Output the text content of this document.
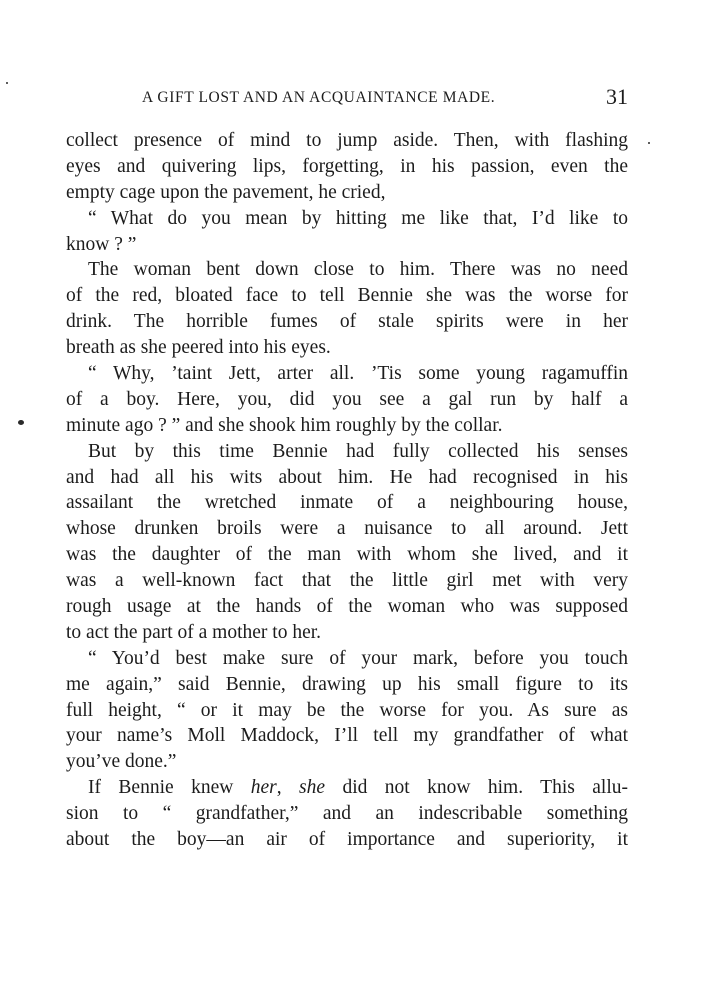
A GIFT LOST AND AN ACQUAINTANCE MADE.	31
collect presence of mind to jump aside. Then, with flashing
eyes and quivering lips, forgetting, in his passion, even the
empty cage upon the pavement, he cried,
“ What do you mean by hitting me like that, I’d like to
know ? ”
The woman bent down close to him. There was no need
of the red, bloated face to tell Bennie she was the worse for
drink. The horrible fumes of stale spirits were in her
breath as she peered into his eyes.
“ Why, ’taint Jett, arter all. ’Tis some young ragamuffin
of a boy. Here, you, did you see a gal run by half a
minute ago ? ” and she shook him roughly by the collar.
But by this time Bennie had fully collected his senses
and had all his wits about him. He had recognised in his
assailant the wretched inmate of a neighbouring house,
whose drunken broils were a nuisance to all around. Jett
was the daughter of the man with whom she lived, and it
was a well-known fact that the little girl met with very
rough usage at the hands of the woman who was supposed
to act the part of a mother to her.
“ You’d best make sure of your mark, before you touch
me again,” said Bennie, drawing up his small figure to its
full height, “ or it may be the worse for you. As sure as
your name’s Moll Maddock, I’ll tell my grandfather of what
you’ve done.”
If Bennie knew her, she did not know him. This allu-
sion to “ grandfather,” and an indescribable something
about the boy—an air of importance and superiority, it
